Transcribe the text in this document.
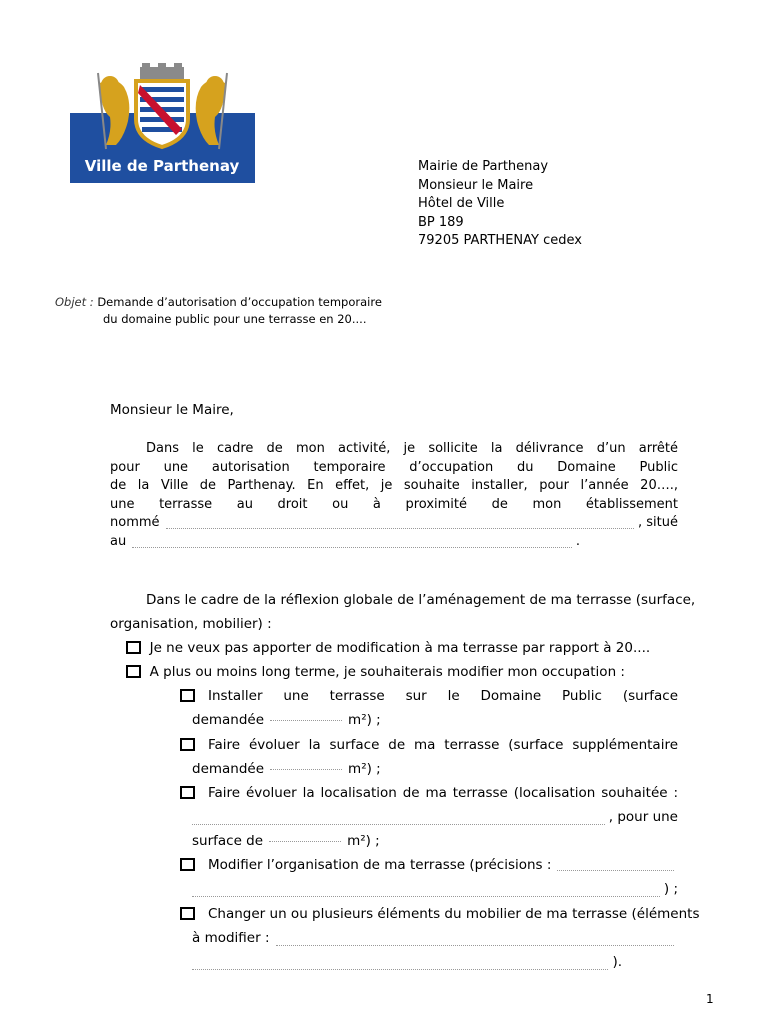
Ville de Parthenay	Mairie de Parthenay
Monsieur le Maire
Hôtel de Ville
BP 189
79205 PARTHENAY cedex
Objet : Demande d’autorisation d’occupation temporaire
du domaine public pour une terrasse en 20....
Monsieur le Maire,
Dans le cadre de mon activité, je sollicite la délivrance d’un arrêté
pour une autorisation temporaire d’occupation du Domaine Public
de la Ville de Parthenay. En effet, je souhaite installer, pour l’année 20….,
une terrasse au droit ou à proximité de mon établissement
nommé	, situé
au	.
Dans le cadre de la réflexion globale de l’aménagement de ma terrasse (surface,
organisation, mobilier) :
Je ne veux pas apporter de modification à ma terrasse par rapport à 20....
A plus ou moins long terme, je souhaiterais modifier mon occupation :
Installer une terrasse sur le Domaine Public (surface
demandée	m²) ;
Faire évoluer la surface de ma terrasse (surface supplémentaire
demandée	m²) ;
Faire évoluer la localisation de ma terrasse (localisation souhaitée :
, pour une
surface de	m²) ;
Modifier l’organisation de ma terrasse (précisions :
) ;
Changer un ou plusieurs éléments du mobilier de ma terrasse (éléments
à modifier :
).
1
